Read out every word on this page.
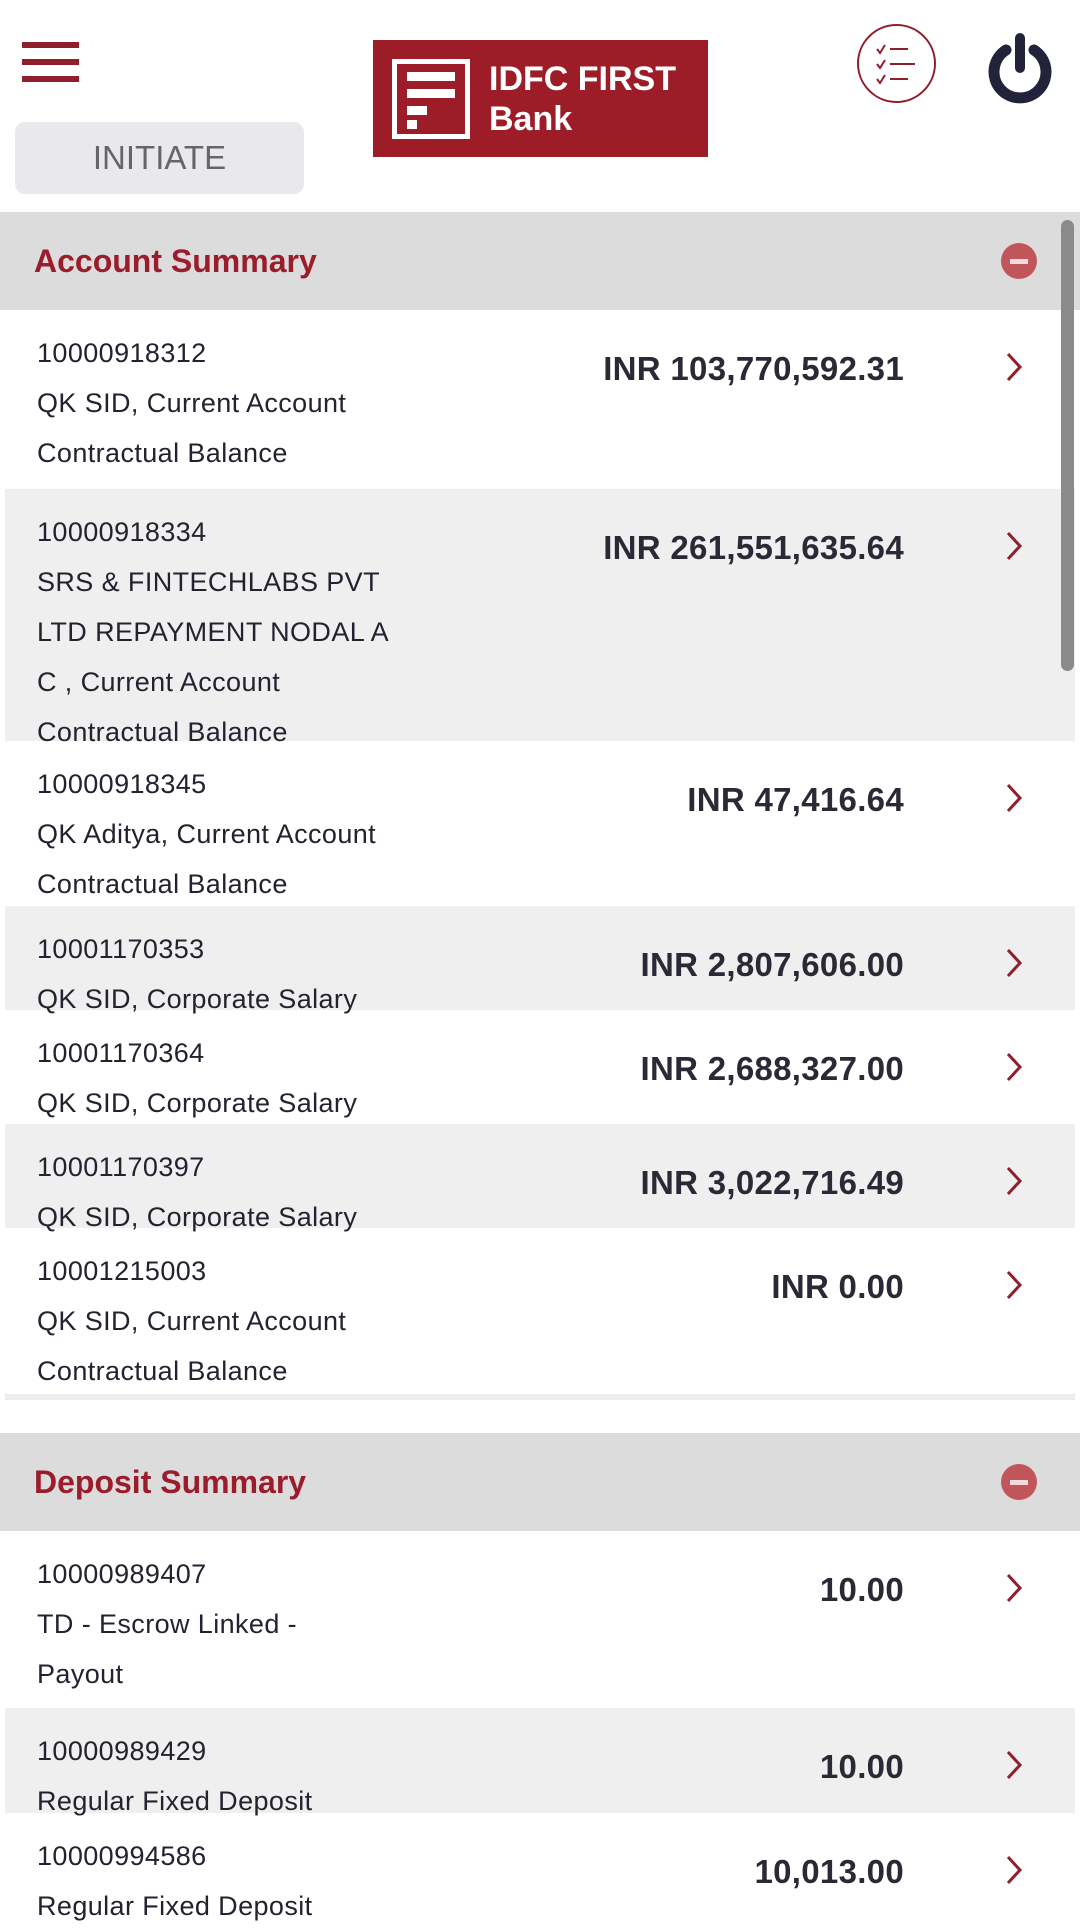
INITIATE
IDFC FIRST
Bank
Account Summary
10000918312
QK SID, Current Account
Contractual Balance
INR 103,770,592.31
10000918334
SRS & FINTECHLABS PVT
LTD REPAYMENT NODAL A
C , Current Account
Contractual Balance
INR 261,551,635.64
10000918345
QK Aditya, Current Account
Contractual Balance
INR 47,416.64
10001170353
QK SID, Corporate Salary
INR 2,807,606.00
10001170364
QK SID, Corporate Salary
INR 2,688,327.00
10001170397
QK SID, Corporate Salary
INR 3,022,716.49
10001215003
QK SID, Current Account
Contractual Balance
INR 0.00
Deposit Summary
10000989407
TD - Escrow Linked -
Payout
10.00
10000989429
Regular Fixed Deposit
10.00
10000994586
Regular Fixed Deposit
10,013.00
